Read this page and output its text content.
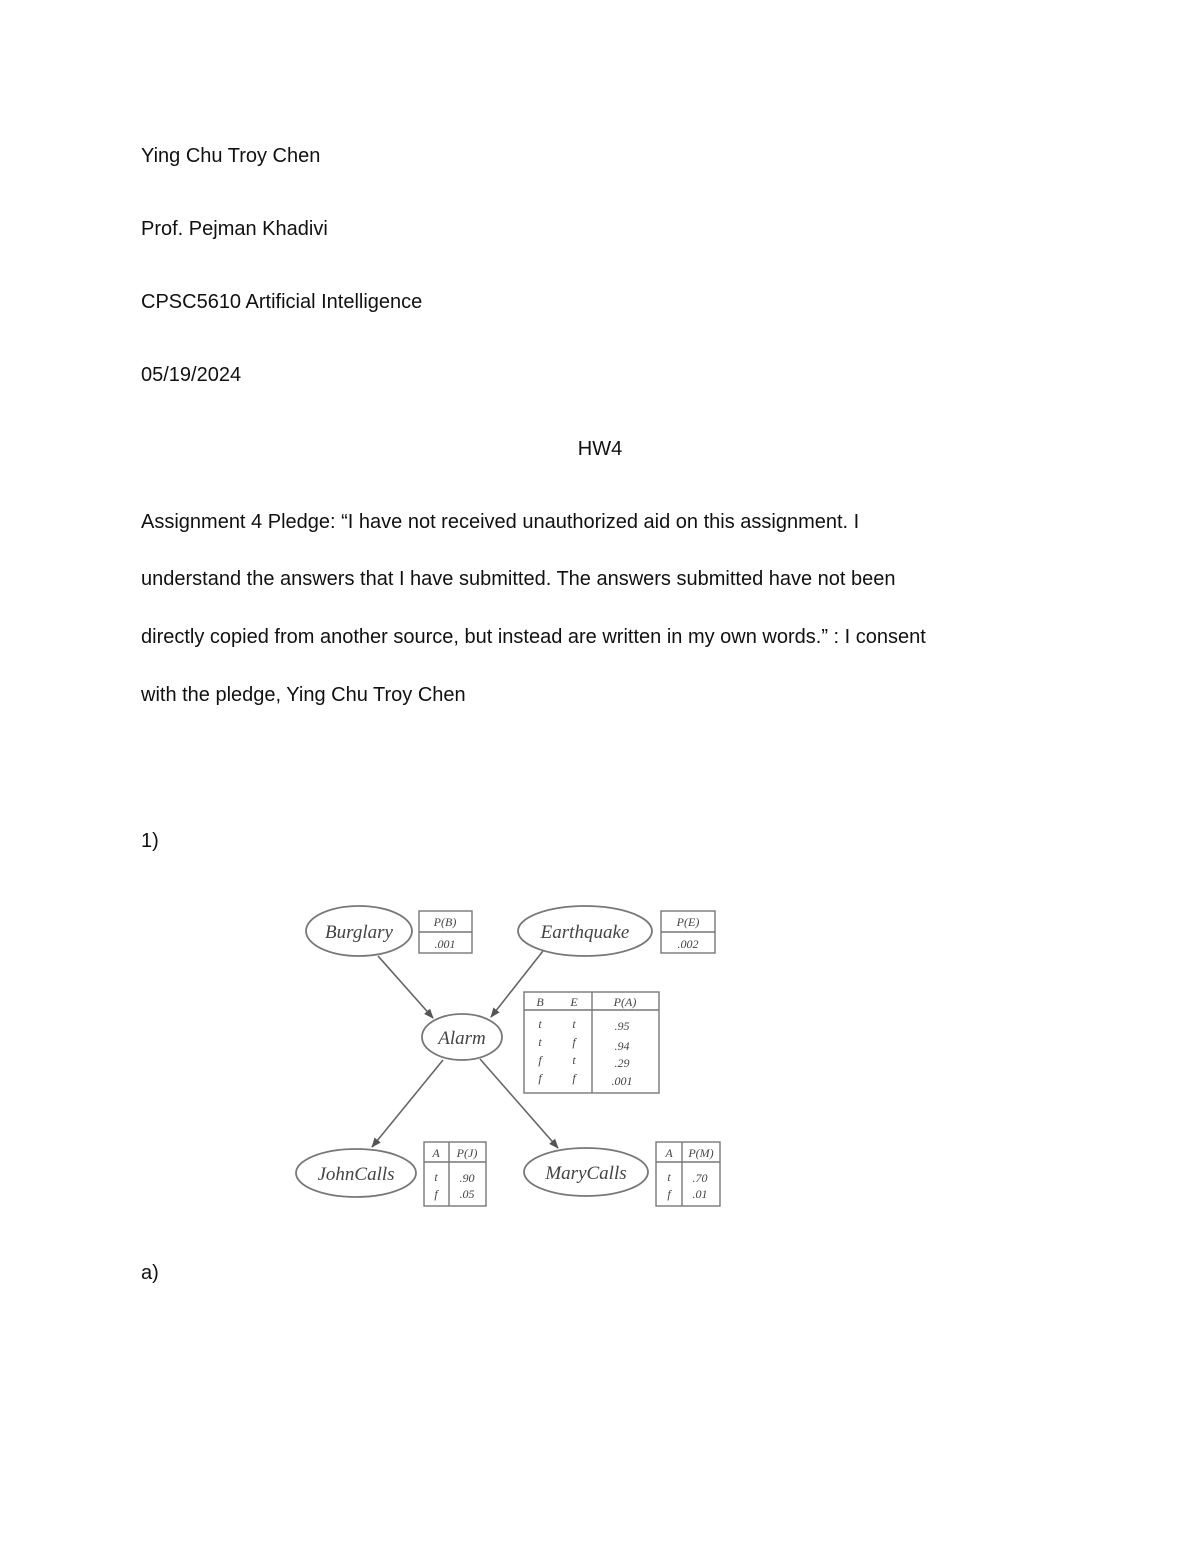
Ying Chu Troy Chen
Prof. Pejman Khadivi
CPSC5610 Artificial Intelligence
05/19/2024
HW4
Assignment 4 Pledge: “I have not received unauthorized aid on this assignment. I
understand the answers that I have submitted. The answers submitted have not been
directly copied from another source, but instead are written in my own words.” : I consent
with the pledge, Ying Chu Troy Chen
1)
Burglary	Earthquake
Alarm
JohnCalls	MaryCalls
P(B)
.001
P(E)
.002
B E	P(A)
t	t	.95
t	f	.94
f	t	.29
f	f	.001
A P(J)
t .90
f .05
A P(M)
t .70
f .01
a)
